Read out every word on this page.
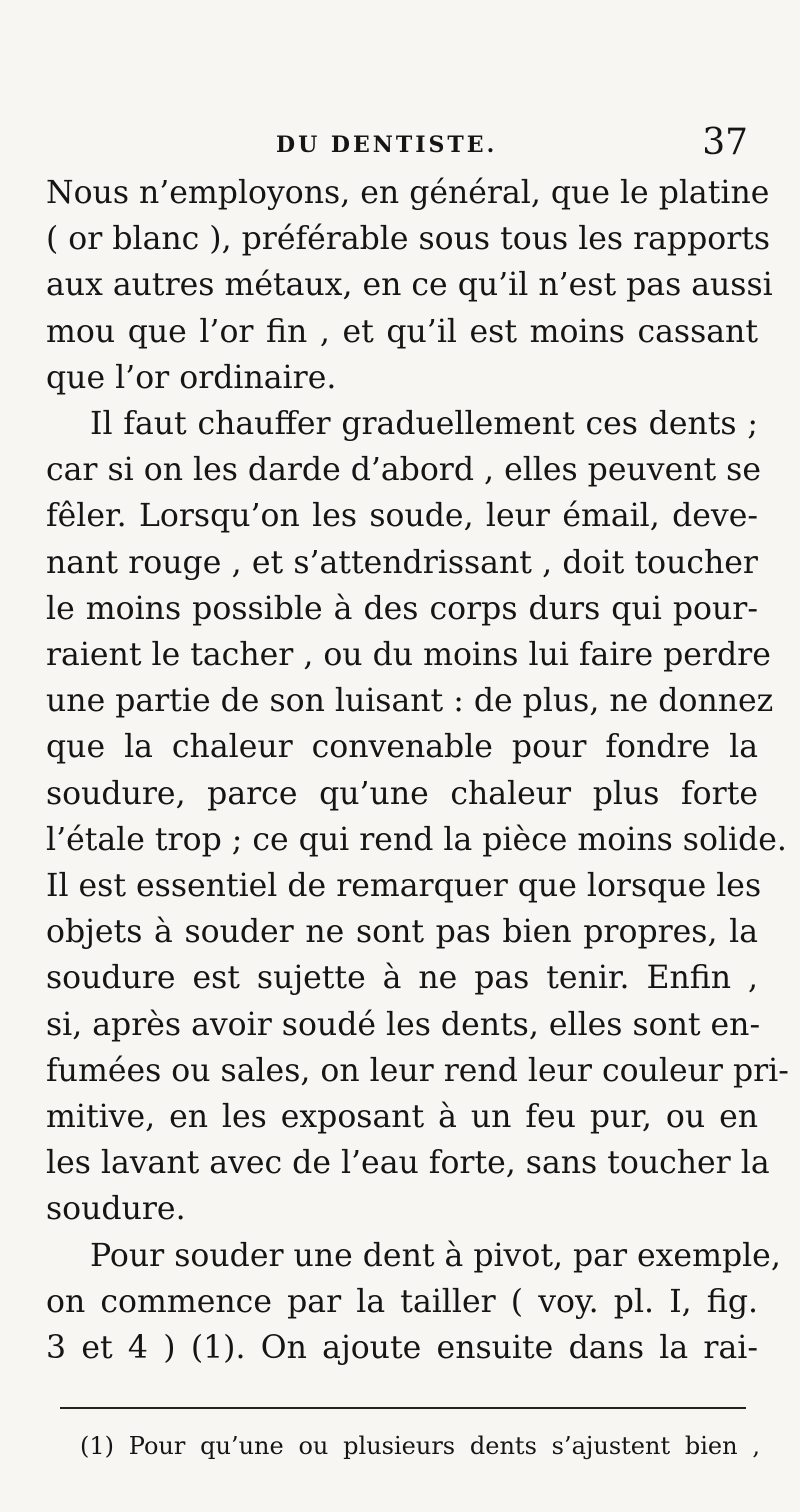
DU DENTISTE.	37
Nous n’employons, en général, que le platine
( or blanc ), préférable sous tous les rapports
aux autres métaux, en ce qu’il n’est pas aussi
mou que l’or fin , et qu’il est moins cassant
que l’or ordinaire.
Il faut chauffer graduellement ces dents ;
car si on les darde d’abord , elles peuvent se
fêler. Lorsqu’on les soude, leur émail, deve-
nant rouge , et s’attendrissant , doit toucher
le moins possible à des corps durs qui pour-
raient le tacher , ou du moins lui faire perdre
une partie de son luisant : de plus, ne donnez
que la chaleur convenable pour fondre la
soudure, parce qu’une chaleur plus forte
l’étale trop ; ce qui rend la pièce moins solide.
Il est essentiel de remarquer que lorsque les
objets à souder ne sont pas bien propres, la
soudure est sujette à ne pas tenir. Enfin ,
si, après avoir soudé les dents, elles sont en-
fumées ou sales, on leur rend leur couleur pri-
mitive, en les exposant à un feu pur, ou en
les lavant avec de l’eau forte, sans toucher la
soudure.
Pour souder une dent à pivot, par exemple,
on commence par la tailler ( voy. pl. I, fig.
3 et 4 ) (1). On ajoute ensuite dans la rai-
(1) Pour qu’une ou plusieurs dents s’ajustent bien ,
